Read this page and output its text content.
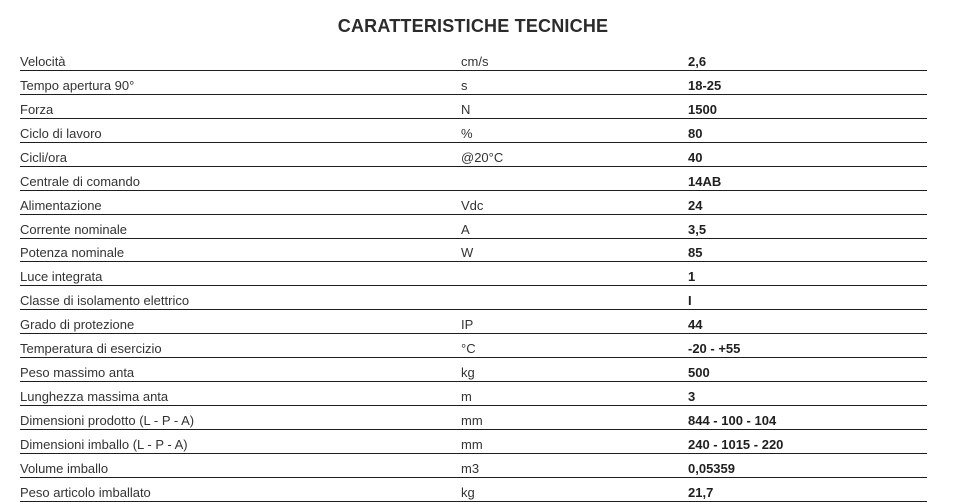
CARATTERISTICHE TECNICHE
Velocità	cm/s	2,6
Tempo apertura 90°	s	18-25
Forza	N	1500
Ciclo di lavoro	%	80
Cicli/ora	@20°C	40
Centrale di comando		14AB
Alimentazione	Vdc	24
Corrente nominale	A	3,5
Potenza nominale	W	85
Luce integrata		1
Classe di isolamento elettrico		I
Grado di protezione	IP	44
Temperatura di esercizio	°C	-20 - +55
Peso massimo anta	kg	500
Lunghezza massima anta	m	3
Dimensioni prodotto (L - P - A)	mm	844 - 100 - 104
Dimensioni imballo (L - P - A)	mm	240 - 1015 - 220
Volume imballo	m3	0,05359
Peso articolo imballato	kg	21,7
